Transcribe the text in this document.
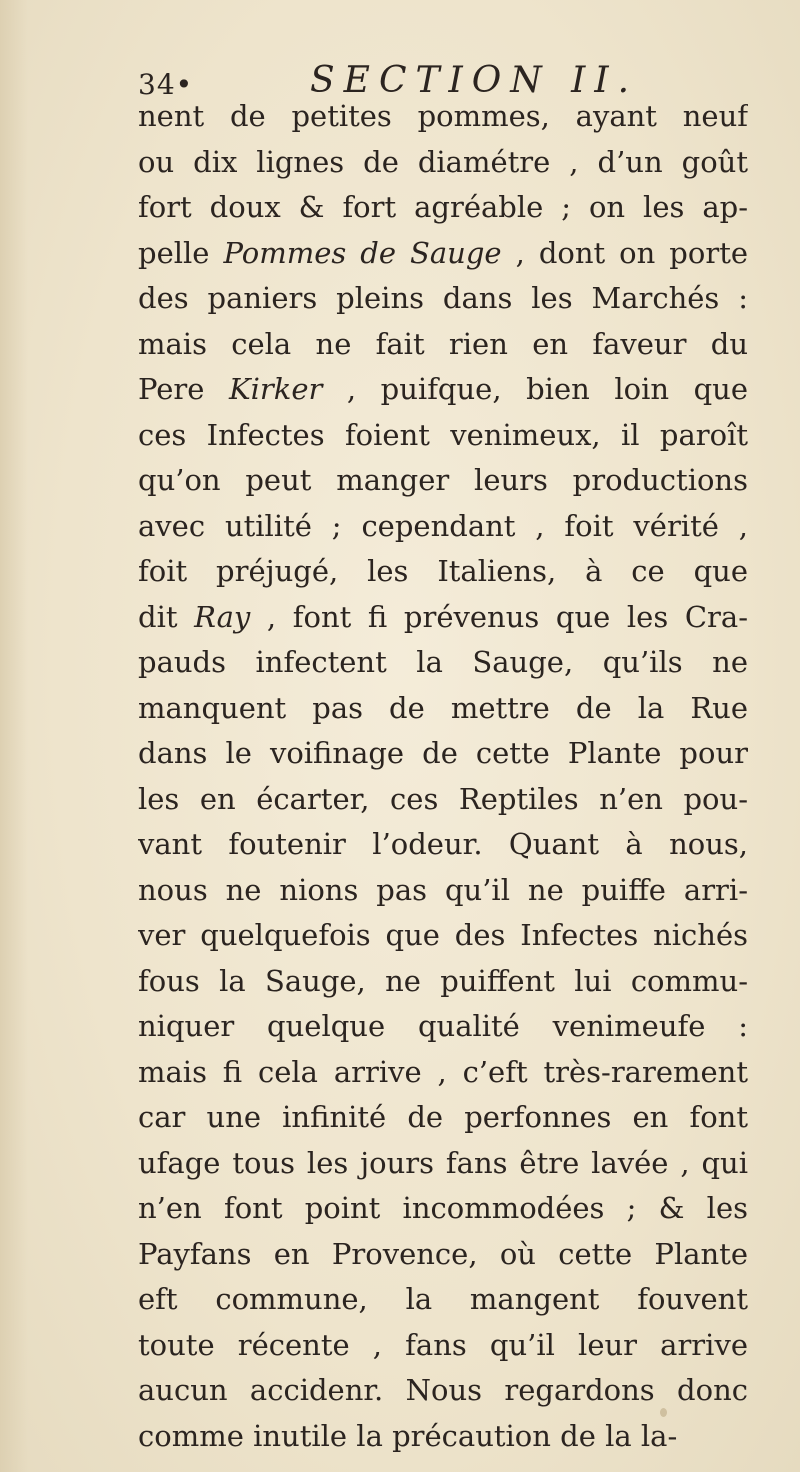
34•	SECTION II.
nent de petites pommes, ayant neuf
ou dix lignes de diamétre , d’un goût
fort doux & fort agréable ; on les ap-
pelle Pommes de Sauge , dont on porte
des paniers pleins dans les Marchés :
mais cela ne fait rien en faveur du
Pere Kirker , puifque, bien loin que
ces Infectes foient venimeux, il paroît
qu’on peut manger leurs productions
avec utilité ; cependant , foit vérité ,
foit préjugé, les Italiens, à ce que
dit Ray , font fi prévenus que les Cra-
pauds infectent la Sauge, qu’ils ne
manquent pas de mettre de la Rue
dans le voifinage de cette Plante pour
les en écarter, ces Reptiles n’en pou-
vant foutenir l’odeur. Quant à nous,
nous ne nions pas qu’il ne puiffe arri-
ver quelquefois que des Infectes nichés
fous la Sauge, ne puiffent lui commu-
niquer quelque qualité venimeufe :
mais fi cela arrive , c’eft très-rarement
car une infinité de perfonnes en font
ufage tous les jours fans être lavée , qui
n’en font point incommodées ; & les
Payfans en Provence, où cette Plante
eft commune, la mangent fouvent
toute récente , fans qu’il leur arrive
aucun accidenr. Nous regardons donc
comme inutile la précaution de la la-
